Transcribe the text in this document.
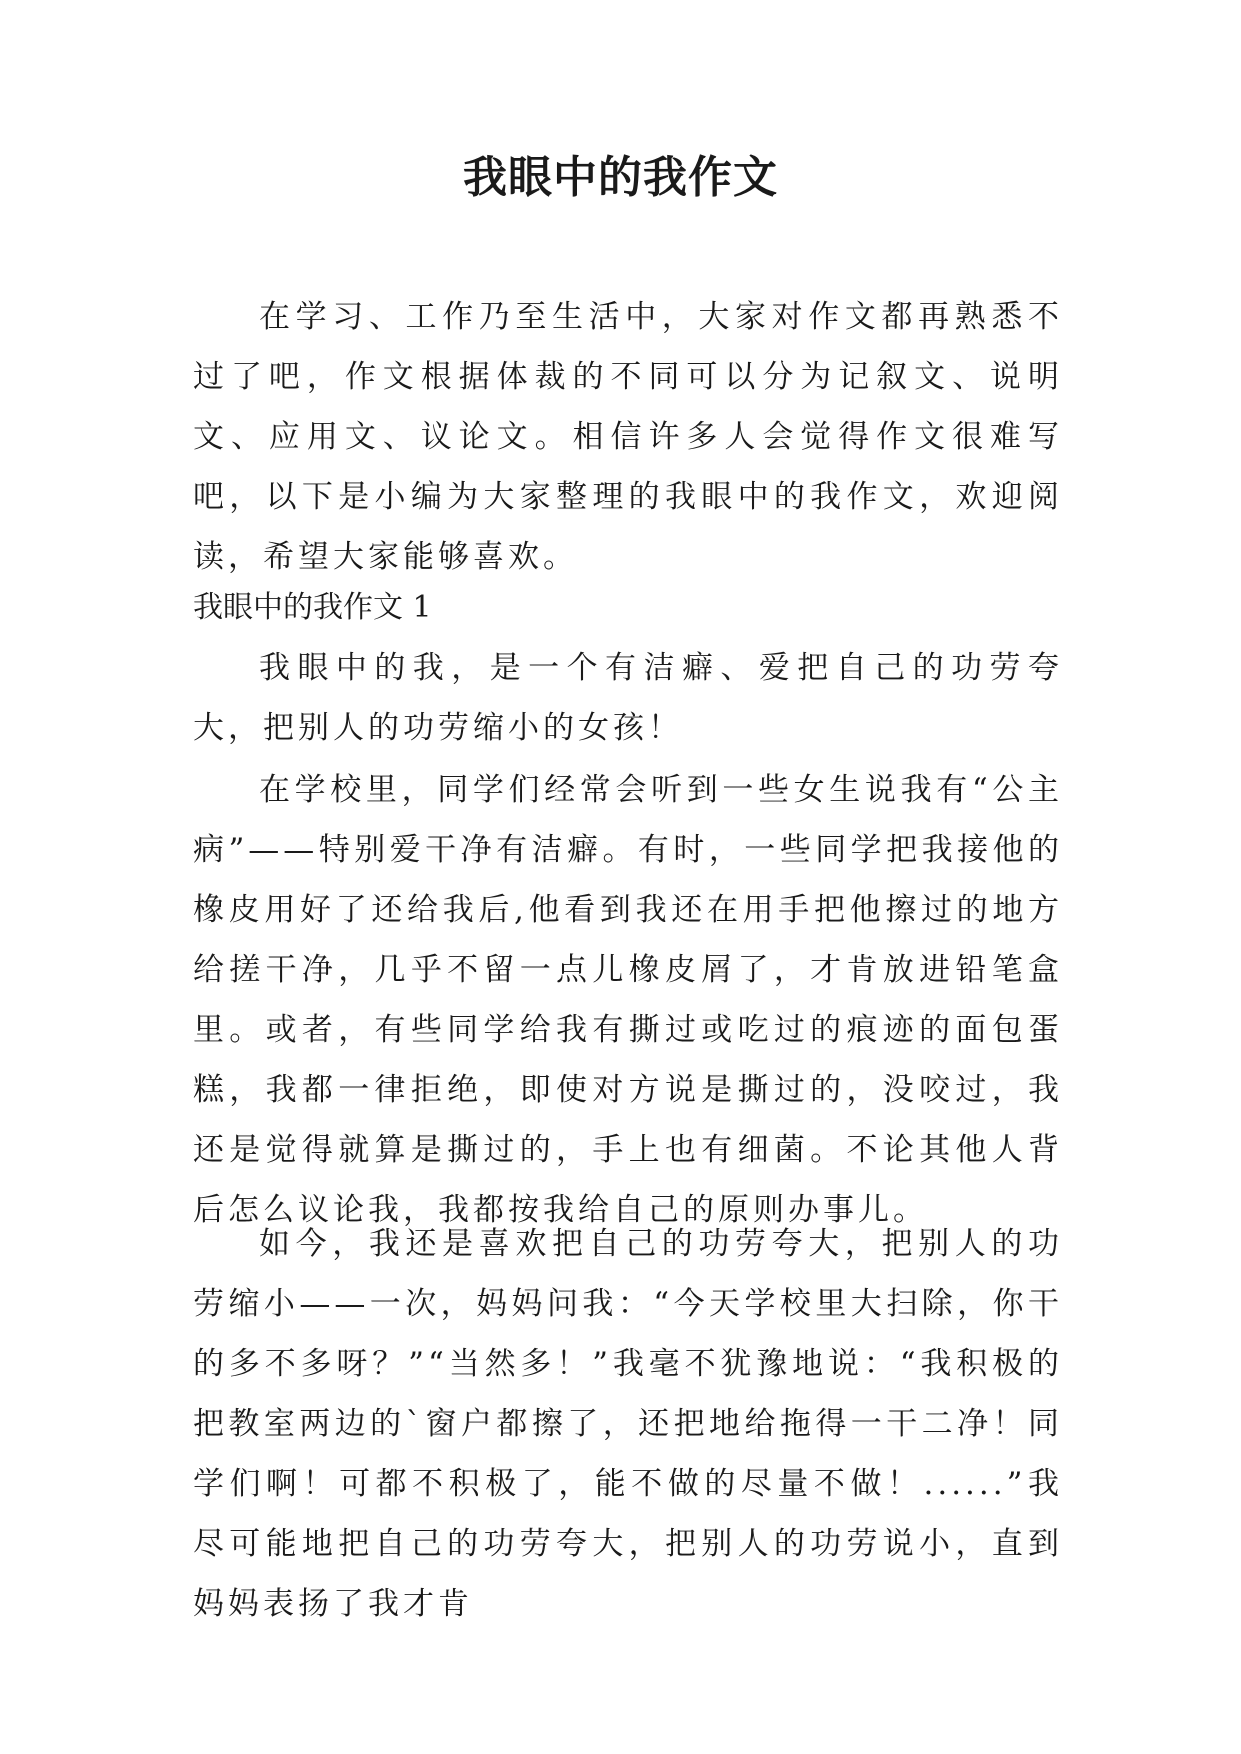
我眼中的我作文

在学习、工作乃至生活中，大家对作文都再熟悉不过了吧，作文根据体裁的不同可以分为记叙文、说明文、应用文、议论文。相信许多人会觉得作文很难写吧，以下是小编为大家整理的我眼中的我作文，欢迎阅读，希望大家能够喜欢。

我眼中的我作文 1

我眼中的我，是一个有洁癖、爱把自己的功劳夸大，把别人的功劳缩小的女孩！

在学校里，同学们经常会听到一些女生说我有“公主病”——特别爱干净有洁癖。有时，一些同学把我接他的橡皮用好了还给我后,他看到我还在用手把他擦过的地方给搓干净，几乎不留一点儿橡皮屑了，才肯放进铅笔盒里。或者，有些同学给我有撕过或吃过的痕迹的面包蛋糕，我都一律拒绝，即使对方说是撕过的，没咬过，我还是觉得就算是撕过的，手上也有细菌。不论其他人背后怎么议论我，我都按我给自己的原则办事儿。

如今，我还是喜欢把自己的功劳夸大，把别人的功劳缩小——一次，妈妈问我：“今天学校里大扫除，你干的多不多呀？”“当然多！”我毫不犹豫地说：“我积极的把教室两边的`窗户都擦了，还把地给拖得一干二净！同学们啊！可都不积极了，能不做的尽量不做！......”我尽可能地把自己的功劳夸大，把别人的功劳说小，直到妈妈表扬了我才肯
